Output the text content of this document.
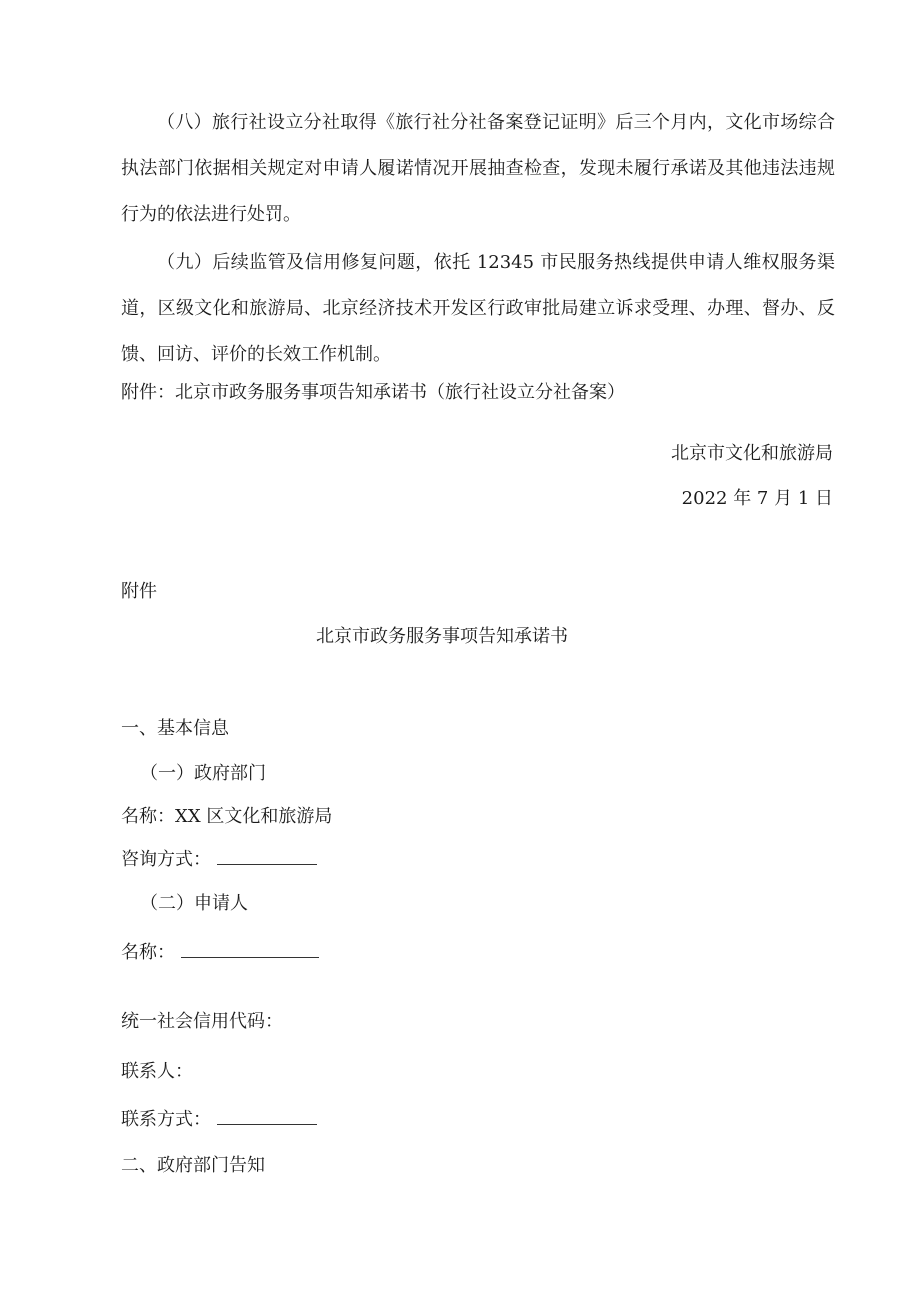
（八）旅行社设立分社取得《旅行社分社备案登记证明》后三个月内，文化市场综合执法部门依据相关规定对申请人履诺情况开展抽查检查，发现未履行承诺及其他违法违规行为的依法进行处罚。

（九）后续监管及信用修复问题，依托 12345 市民服务热线提供申请人维权服务渠道，区级文化和旅游局、北京经济技术开发区行政审批局建立诉求受理、办理、督办、反馈、回访、评价的长效工作机制。

附件：北京市政务服务事项告知承诺书（旅行社设立分社备案）

北京市文化和旅游局

2022 年 7 月 1 日

附件

北京市政务服务事项告知承诺书

一、基本信息

（一）政府部门

名称：XX 区文化和旅游局

咨询方式：

（二）申请人

名称：

统一社会信用代码：

联系人：

联系方式：

二、政府部门告知
